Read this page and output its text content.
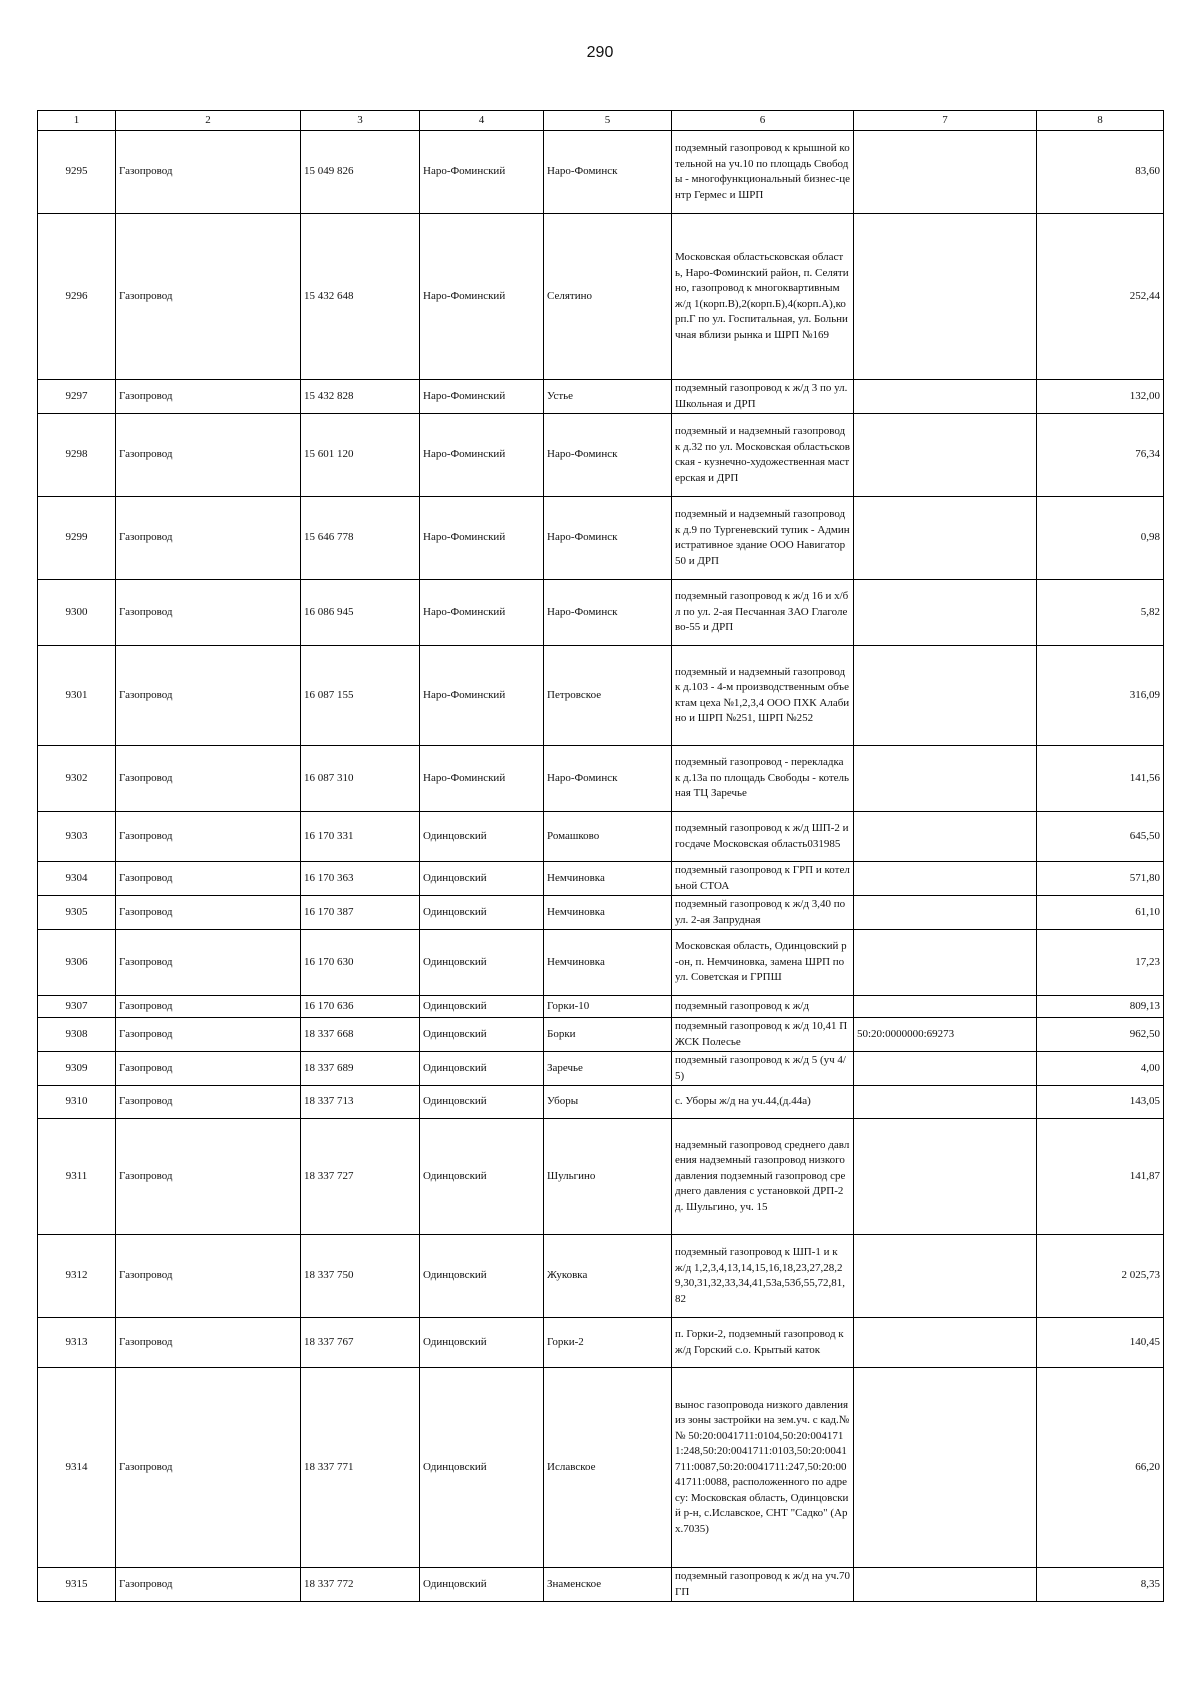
290
1	2	3	4	5	6	7	8
9295	Газопровод	15 049 826	Наро-Фоминский	Наро-Фоминск	подземный газопровод к крышной котельной на уч.10 по площадь Свободы - многофункциональный бизнес-центр Гермес и ШРП		83,60
9296	Газопровод	15 432 648	Наро-Фоминский	Селятино	Московская областьсковская область, Наро-Фоминский район, п. Селятино, газопровод к многоквартивным ж/д 1(корп.В),2(корп.Б),4(корп.А),корп.Г по ул. Госпитальная, ул. Больничная вблизи рынка и ШРП №169		252,44
9297	Газопровод	15 432 828	Наро-Фоминский	Устье	подземный газопровод к ж/д 3 по ул. Школьная и ДРП		132,00
9298	Газопровод	15 601 120	Наро-Фоминский	Наро-Фоминск	подземный и надземный газопровод к д.32 по ул. Московская областьсковская - кузнечно-художественная мастерская и ДРП		76,34
9299	Газопровод	15 646 778	Наро-Фоминский	Наро-Фоминск	подземный и надземный газопровод к д.9 по Тургеневский тупик - Административное здание ООО Навигатор 50 и ДРП		0,98
9300	Газопровод	16 086 945	Наро-Фоминский	Наро-Фоминск	подземный газопровод к ж/д 16 и х/бл по ул. 2-ая Песчанная ЗАО Глаголево-55 и ДРП		5,82
9301	Газопровод	16 087 155	Наро-Фоминский	Петровское	подземный и надземный газопровод к д.103 - 4-м производственным объектам цеха №1,2,3,4 ООО ПХК Алабино и ШРП №251, ШРП №252		316,09
9302	Газопровод	16 087 310	Наро-Фоминский	Наро-Фоминск	подземный газопровод - перекладка к д.13а по площадь Свободы - котельная ТЦ Заречье		141,56
9303	Газопровод	16 170 331	Одинцовский	Ромашково	подземный газопровод к ж/д ШП-2 и госдаче Московская область031985		645,50
9304	Газопровод	16 170 363	Одинцовский	Немчиновка	подземный газопровод к ГРП и котельной СТОА		571,80
9305	Газопровод	16 170 387	Одинцовский	Немчиновка	подземный газопровод к ж/д 3,40 по ул. 2-ая Запрудная		61,10
9306	Газопровод	16 170 630	Одинцовский	Немчиновка	Московская область, Одинцовский р-он, п. Немчиновка, замена ШРП по ул. Советская и ГРПШ		17,23
9307	Газопровод	16 170 636	Одинцовский	Горки-10	подземный газопровод к ж/д		809,13
9308	Газопровод	18 337 668	Одинцовский	Борки	подземный газопровод к ж/д 10,41 ПЖСК Полесье	50:20:0000000:69273	962,50
9309	Газопровод	18 337 689	Одинцовский	Заречье	подземный газопровод к ж/д 5 (уч 4/5)		4,00
9310	Газопровод	18 337 713	Одинцовский	Уборы	с. Уборы ж/д на уч.44,(д.44а)		143,05
9311	Газопровод	18 337 727	Одинцовский	Шульгино	надземный газопровод среднего давления надземный газопровод низкого давления подземный газопровод среднего давления с установкой ДРП-2 д. Шульгино, уч. 15		141,87
9312	Газопровод	18 337 750	Одинцовский	Жуковка	подземный газопровод к ШП-1 и к ж/д 1,2,3,4,13,14,15,16,18,23,27,28,29,30,31,32,33,34,41,53а,53б,55,72,81,82		2 025,73
9313	Газопровод	18 337 767	Одинцовский	Горки-2	п. Горки-2, подземный газопровод к ж/д Горский с.о. Крытый каток		140,45
9314	Газопровод	18 337 771	Одинцовский	Иславское	вынос газопровода низкого давления из зоны застройки на зем.уч. с кад.№№ 50:20:0041711:0104,50:20:0041711:248,50:20:0041711:0103,50:20:0041711:0087,50:20:0041711:247,50:20:0041711:0088, расположенного по адресу: Московская область, Одинцовский р-н, с.Иславское, СНТ "Садко" (Арх.7035)		66,20
9315	Газопровод	18 337 772	Одинцовский	Знаменское	подземный газопровод к ж/д на уч.70 ГП		8,35
